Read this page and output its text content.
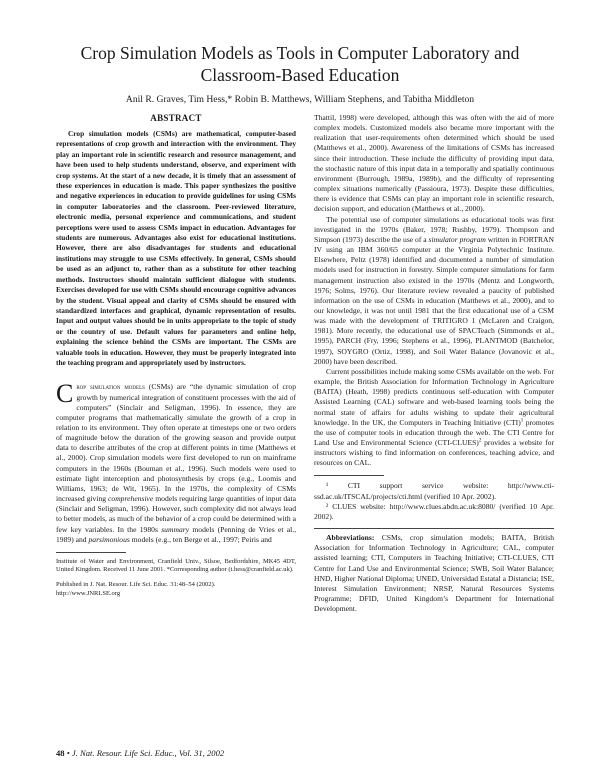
Crop Simulation Models as Tools in Computer Laboratory and Classroom-Based Education
Anil R. Graves, Tim Hess,* Robin B. Matthews, William Stephens, and Tabitha Middleton
ABSTRACT

Crop simulation models (CSMs) are mathematical, computer-based representations of crop growth and interaction with the environment. They play an important role in scientific research and resource management, and have been used to help students understand, observe, and experiment with crop systems. At the start of a new decade, it is timely that an assessment of these experiences in education is made. This paper synthesizes the positive and negative experiences in education to provide guidelines for using CSMs in computer laboratories and the classroom. Peer-reviewed literature, electronic media, personal experience and communications, and student perceptions were used to assess CSMs impact in education. Advantages for students are numerous. Advantages also exist for educational institutions. However, there are also disadvantages for students and educational institutions may struggle to use CSMs effectively. In general, CSMs should be used as an adjunct to, rather than as a substitute for other teaching methods. Instructors should maintain sufficient dialogue with students. Exercises developed for use with CSMs should encourage cognitive advances by the student. Visual appeal and clarity of CSMs should be ensured with standardized interfaces and graphical, dynamic representation of results. Input and output values should be in units appropriate to the topic of study or the country of use. Default values for parameters and online help, explaining the science behind the CSMs are important. The CSMs are valuable tools in education. However, they must be properly integrated into the teaching program and appropriately used by instructors.

Crop simulation models (CSMs) are “the dynamic simulation of crop growth by numerical integration of constituent processes with the aid of computers” (Sinclair and Seligman, 1996). In essence, they are computer programs that mathematically simulate the growth of a crop in relation to its environment. They often operate at timesteps one or two orders of magnitude below the duration of the growing season and provide output data to describe attributes of the crop at different points in time (Matthews et al., 2000). Crop simulation models were first developed to run on mainframe computers in the 1960s (Bouman et al., 1996). Such models were used to estimate light interception and photosynthesis by crops (e.g., Loomis and Williams, 1963; de Wit, 1965). In the 1970s, the complexity of CSMs increased giving comprehensive models requiring large quantities of input data (Sinclair and Seligman, 1996). However, such complexity did not always lead to better models, as much of the behavior of a crop could be determined with a few key variables. In the 1980s summary models (Penning de Vries et al., 1989) and parsimonious models (e.g., ten Berge et al., 1997; Peiris and

Institute of Water and Environment, Cranfield Univ., Silsoe, Bedfordshire, MK45 4DT, United Kingdom. Received 11 June 2001. *Corresponding author (t.hess@cranfield.ac.uk).

Published in J. Nat. Resour. Life Sci. Educ. 31:48–54 (2002).
http://www.JNRLSE.org

Thattil, 1998) were developed, although this was often with the aid of more complex models. Customized models also became more important with the realization that user-requirements often determined which should be used (Matthews et al., 2000). Awareness of the limitations of CSMs has increased since their introduction. These include the difficulty of providing input data, the stochastic nature of this input data in a temporally and spatially continuous environment (Burrough, 1989a, 1989b), and the difficulty of representing complex situations numerically (Passioura, 1973). Despite these difficulties, there is evidence that CSMs can play an important role in scientific research, decision support, and education (Matthews et al., 2000).

The potential use of computer simulations as educational tools was first investigated in the 1970s (Baker, 1978; Rushby, 1979). Thompson and Simpson (1973) describe the use of a simulator program written in FORTRAN IV using an IBM 360/65 computer at the Virginia Polytechnic Institute. Elsewhere, Peltz (1978) identified and documented a number of simulation models used for instruction in forestry. Simple computer simulations for farm management instruction also existed in the 1970s (Mentz and Longworth, 1976; Solms, 1976). Our literature review revealed a paucity of published information on the use of CSMs in education (Matthews et al., 2000), and to our knowledge, it was not until 1981 that the first educational use of a CSM was made with the development of TRITIGRO 1 (McLaren and Craigon, 1981). More recently, the educational use of SPACTeach (Simmonds et al., 1995), PARCH (Fry, 1996; Stephens et al., 1996), PLANTMOD (Batchelor, 1997), SOYGRO (Ortiz, 1998), and Soil Water Balance (Jovanovic et al., 2000) have been described.

Current possibilities include making some CSMs available on the web. For example, the British Association for Information Technology in Agriculture (BAITA) (Heath, 1998) predicts continuous self-education with Computer Assisted Learning (CAL) software and web-based learning tools being the normal state of affairs for adults wishing to update their agricultural knowledge. In the UK, the Computers in Teaching Initiative (CTI)$^1$ promotes the use of computer tools in education through the web. The CTI Centre for Land Use and Environmental Science (CTI-CLUES)$^2$ provides a website for instructors wishing to find information on conferences, teaching advice, and resources on CAL.

¹ CTI support service website: http://www.cti-ssd.ac.uk/ITSCAL/projects/cti.html (verified 10 Apr. 2002).

² CLUES website: http://www.clues.abdn.ac.uk:8080/ (verified 10 Apr. 2002).

Abbreviations: CSMs, crop simulation models; BAITA, British Association for Information Technology in Agriculture; CAL, computer assisted learning; CTI, Computers in Teaching Initiative; CTI-CLUES, CTI Centre for Land Use and Environmental Science; SWB, Soil Water Balance; HND, Higher National Diploma; UNED, Universidad Estatal a Distancia; ISE, Interest Simulation Environment; NRSP, Natural Resources Systems Programme; DFID, United Kingdom’s Department for International Development.

48 • J. Nat. Resour. Life Sci. Educ., Vol. 31, 2002
